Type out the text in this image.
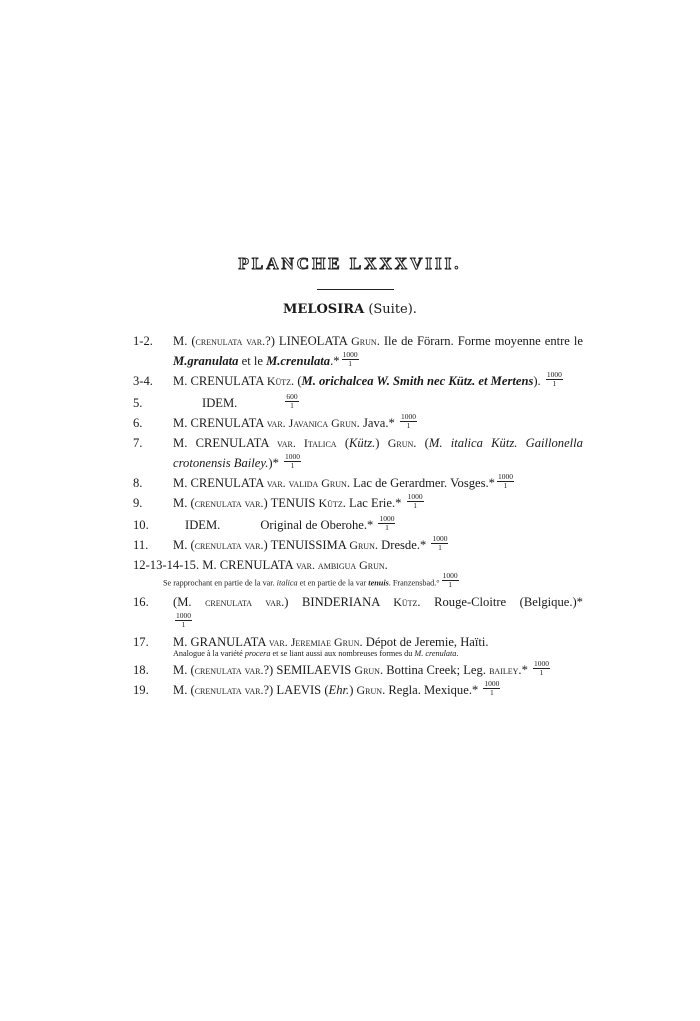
PLANCHE LXXXVIII.
MELOSIRA (Suite).
1-2. M. (crenulata var.?) LINEOLATA Grun. Ile de Förarn. Forme moyenne entre le M.granulata et le M.crenulata.* $\frac{1000}{1}$
3-4. M. CRENULATA Kütz. (M. orichalcea W. Smith nec Kütz. et Mertens). $\frac{1000}{1}$
5.	IDEM.	$\frac{600}{1}$
6. M. CRENULATA var. Javanica Grun. Java.* $\frac{1000}{1}$
7. M. CRENULATA var. Italica (Kütz.) Grun. (M. italica Kütz. Gaillonella crotonensis Bailey.)* $\frac{1000}{1}$
8. M. CRENULATA var. valida Grun. Lac de Gerardmer. Vosges.* $\frac{1000}{1}$
9. M. (crenulata var.) TENUIS Kütz. Lac Erie.* $\frac{1000}{1}$
10.	IDEM.	Original de Oberohe.* $\frac{1000}{1}$
11. M. (crenulata var.) TENUISSIMA Grun. Dresde.* $\frac{1000}{1}$
12-13-14-15. M. CRENULATA var. ambigua Grun.
Se rapprochant en partie de la var. italica et en partie de la var tenuis. Franzensbad.° $\frac{1000}{1}$
16. (M. crenulata var.) BINDERIANA Kütz. Rouge-Cloitre (Belgique.)*
$\frac{1000}{1}$
17. M. GRANULATA var. Jeremiae Grun. Dépot de Jeremie, Haïti.
Analogue à la variété procera et se liant aussi aux nombreuses formes du M. crenulata.
18. M. (crenulata var.?) SEMILAEVIS Grun. Bottina Creek; Leg. bailey.* $\frac{1000}{1}$
19. M. (crenulata var.?) LAEVIS (Ehr.) Grun. Regla. Mexique.* $\frac{1000}{1}$
